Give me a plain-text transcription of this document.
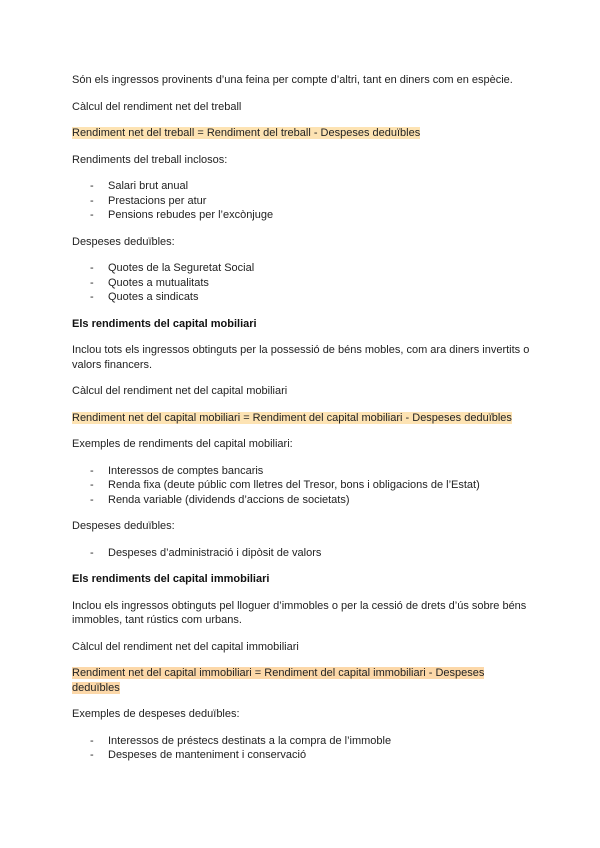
Són els ingressos provinents d’una feina per compte d’altri, tant en diners com en espècie.

Càlcul del rendiment net del treball

Rendiment net del treball = Rendiment del treball - Despeses deduïbles

Rendiments del treball inclosos:

- Salari brut anual
- Prestacions per atur
- Pensions rebudes per l’excònjuge

Despeses deduïbles:

- Quotes de la Seguretat Social
- Quotes a mutualitats
- Quotes a sindicats

Els rendiments del capital mobiliari

Inclou tots els ingressos obtinguts per la possessió de béns mobles, com ara diners invertits o valors financers.

Càlcul del rendiment net del capital mobiliari

Rendiment net del capital mobiliari = Rendiment del capital mobiliari - Despeses deduïbles

Exemples de rendiments del capital mobiliari:

- Interessos de comptes bancaris
- Renda fixa (deute públic com lletres del Tresor, bons i obligacions de l’Estat)
- Renda variable (dividends d’accions de societats)

Despeses deduïbles:

- Despeses d’administració i dipòsit de valors

Els rendiments del capital immobiliari

Inclou els ingressos obtinguts pel lloguer d’immobles o per la cessió de drets d’ús sobre béns immobles, tant rústics com urbans.

Càlcul del rendiment net del capital immobiliari

Rendiment net del capital immobiliari = Rendiment del capital immobiliari - Despeses deduïbles

Exemples de despeses deduïbles:

- Interessos de préstecs destinats a la compra de l’immoble
- Despeses de manteniment i conservació
